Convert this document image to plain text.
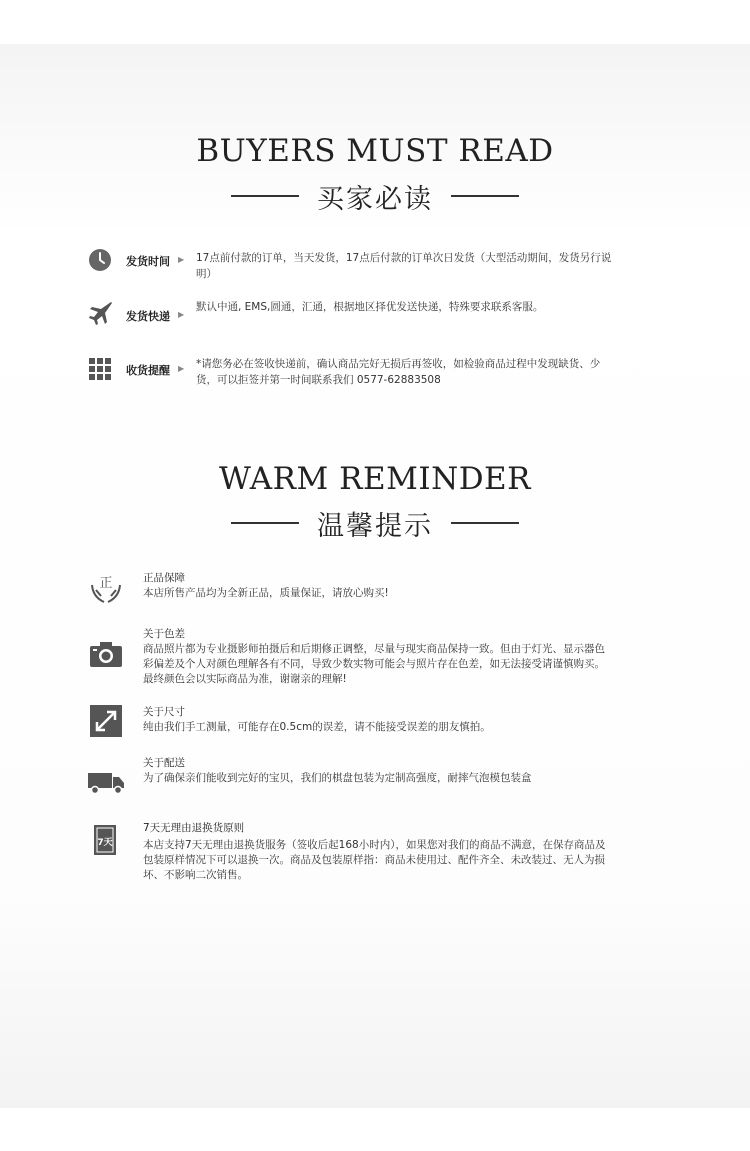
BUYERS MUST READ
买家必读
发货时间 ▶ 17点前付款的订单，当天发货，17点后付款的订单次日发货（大型活动期间，发货另行说明）
发货快递 ▶
默认中通, EMS,圆通，汇通，根据地区择优发送快递，特殊要求联系客服。
收货提醒 ▶ *请您务必在签收快递前，确认商品完好无损后再签收，如检验商品过程中发现缺货、少货，可以拒签并第一时间联系我们 0577-62883508
WARM REMINDER
温馨提示
正	正品保障
本店所售产品均为全新正品，质量保证，请放心购买!
关于色差
商品照片都为专业摄影师拍摄后和后期修正调整，尽量与现实商品保持一致。但由于灯光、显示器色彩偏差及个人对颜色理解各有不同，导致少数实物可能会与照片存在色差，如无法接受请谨慎购买。最终颜色会以实际商品为准，谢谢亲的理解!
关于尺寸
纯由我们手工测量，可能存在0.5cm的误差，请不能接受误差的朋友慎拍。
关于配送
为了确保亲们能收到完好的宝贝，我们的棋盘包装为定制高强度，耐摔气泡模包装盒
7天
7天无理由退换货原则
本店支持7天无理由退换货服务（签收后起168小时内），如果您对我们的商品不满意，在保存商品及包装原样情况下可以退换一次。商品及包装原样指：商品未使用过、配件齐全、未改装过、无人为损坏、不影响二次销售。
